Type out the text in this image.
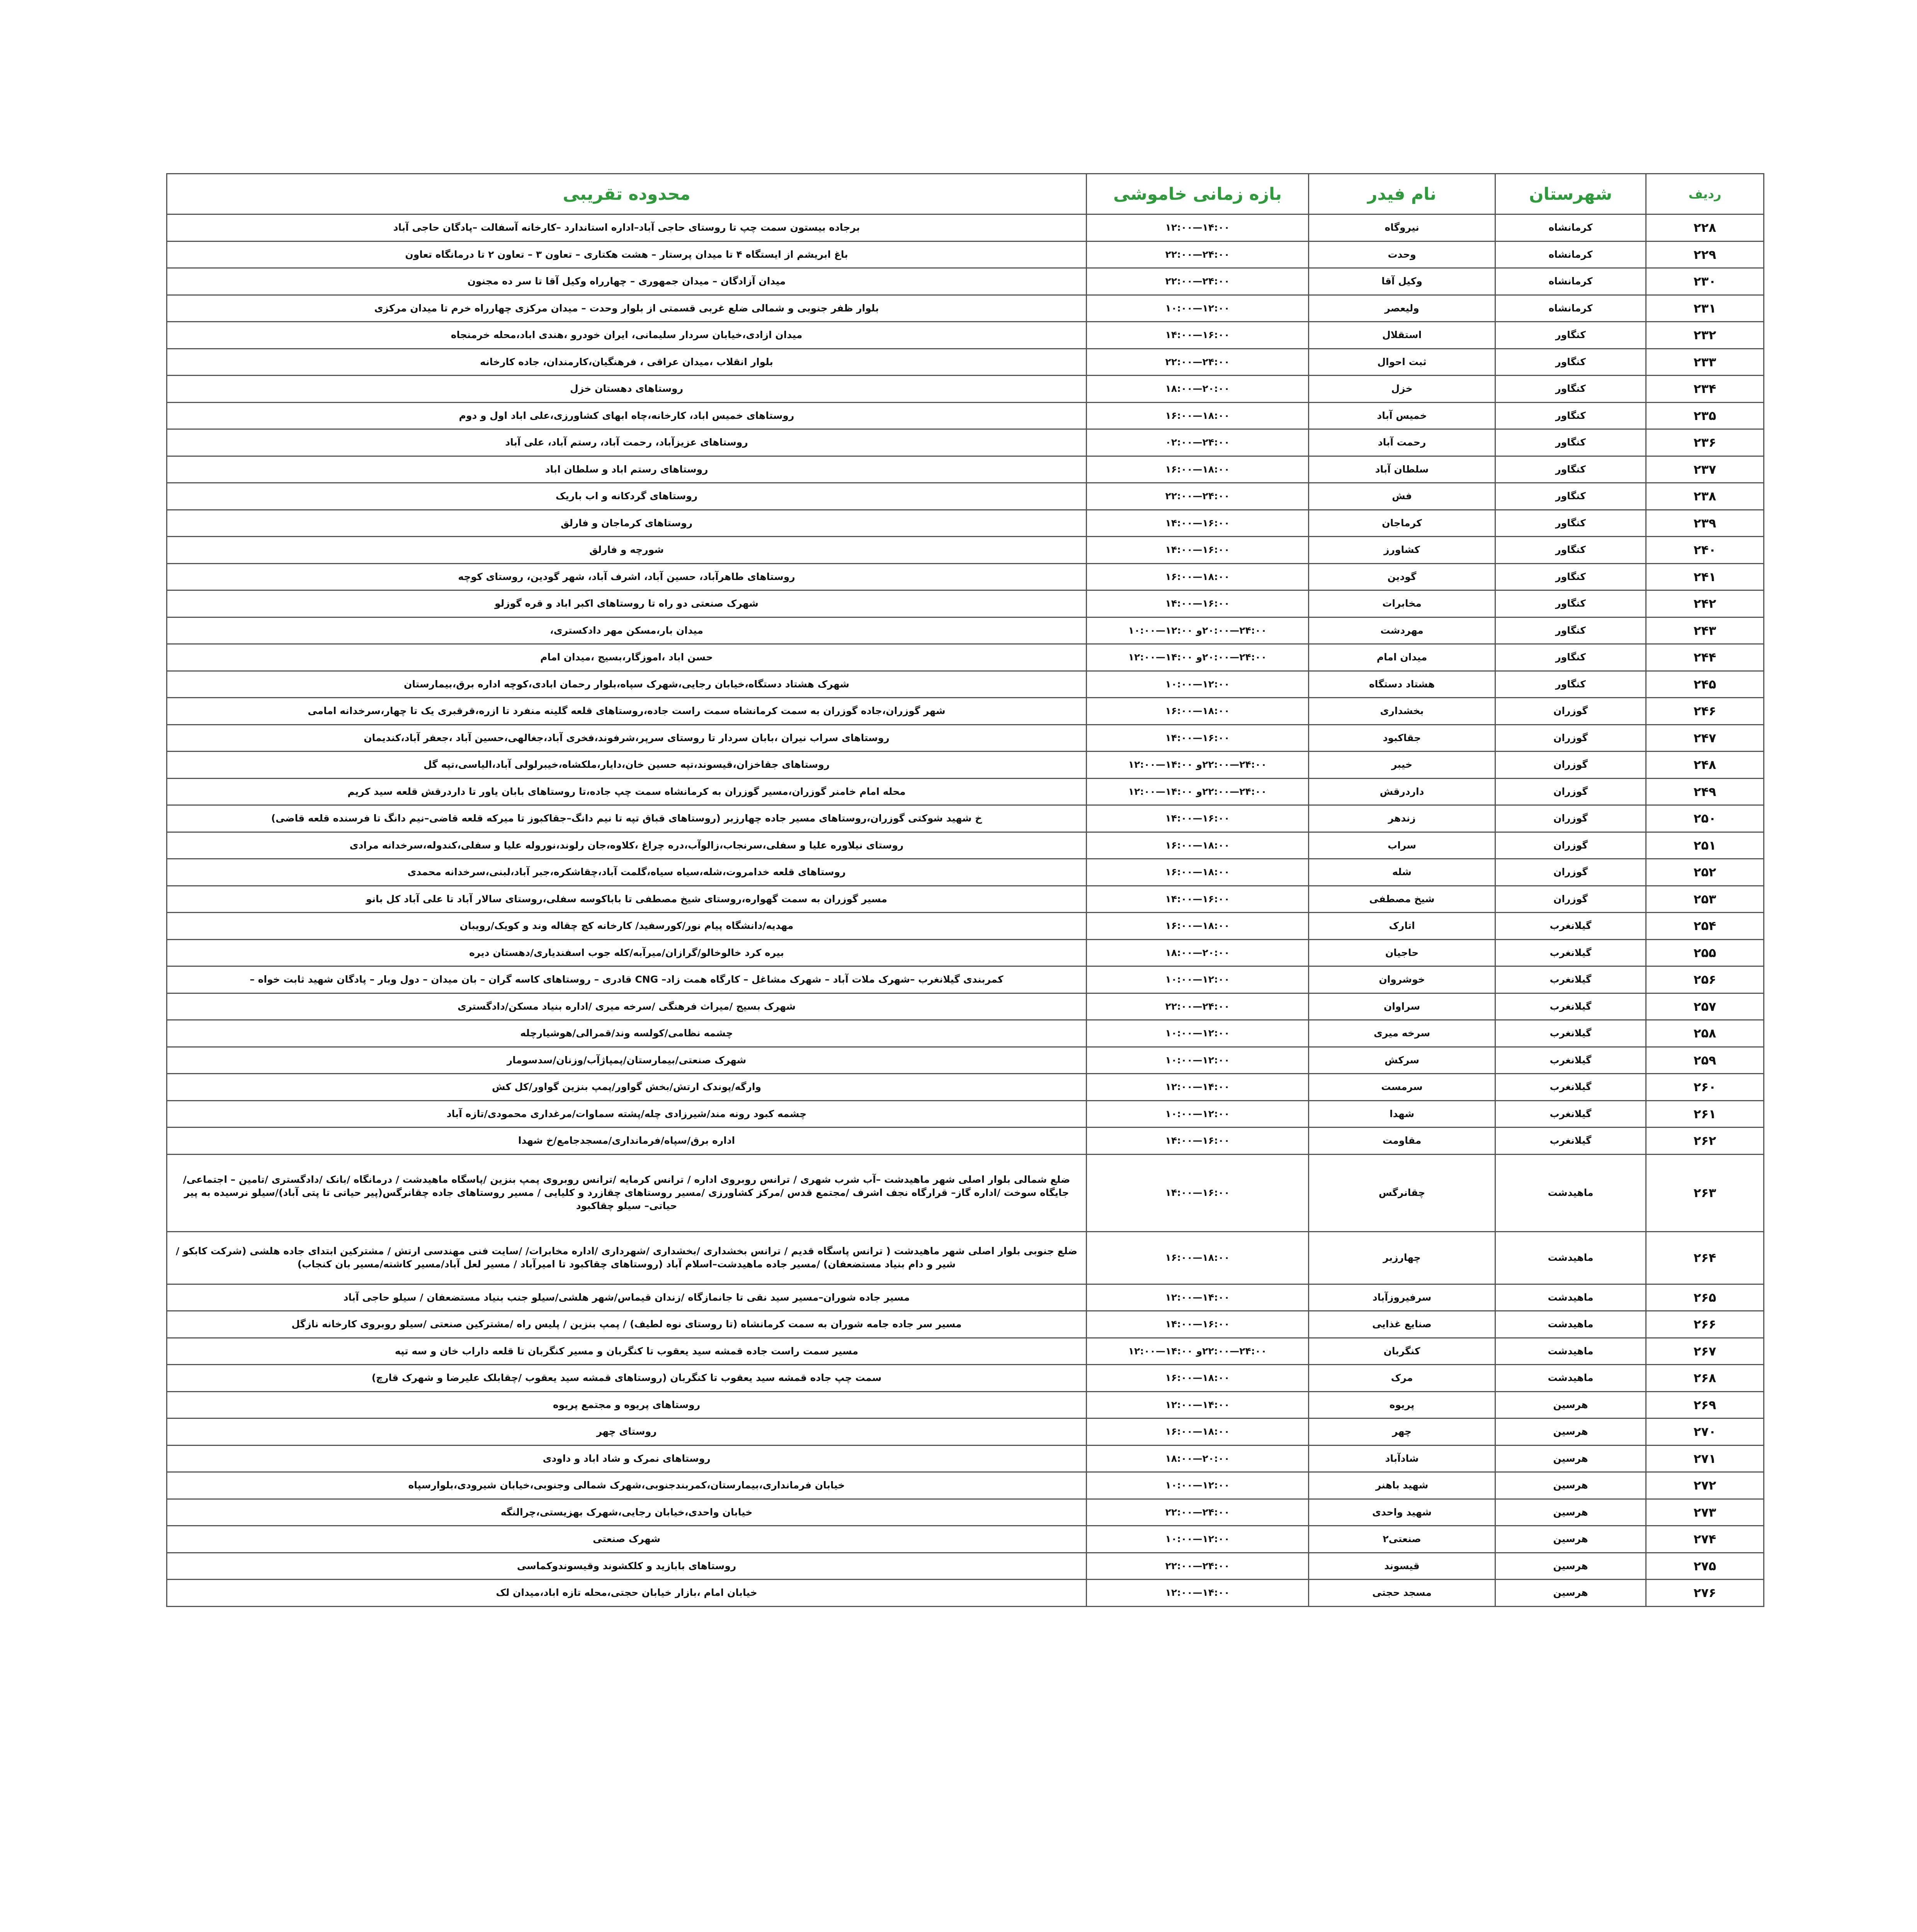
ردیف	شهرستان	نام فیدر	بازه زمانی خاموشی	محدوده تقریبی
۲۲۸	کرمانشاه	نیروگاه	۱۴:۰۰—۱۲:۰۰	برجاده بیستون سمت چپ تا روستای حاجی آباد–اداره استاندارد –کارخانه آسفالت –پادگان حاجی آباد
۲۲۹	کرمانشاه	وحدت	۲۴:۰۰—۲۲:۰۰	باغ ابریشم از ایستگاه ۴ تا میدان پرستار – هشت هکتاری – تعاون ۳ – تعاون ۲ تا درمانگاه تعاون
۲۳۰	کرمانشاه	وکیل آقا	۲۴:۰۰—۲۲:۰۰	میدان آزادگان – میدان جمهوری – چهارراه وکیل آقا تا سر ده مجنون
۲۳۱	کرمانشاه	ولیعصر	۱۲:۰۰—۱۰:۰۰	بلوار ظفر جنوبی و شمالی ضلع غربی قسمتی از بلوار وحدت – میدان مرکزی چهارراه خرم تا میدان مرکزی
۲۳۲	کنگاور	استقلال	۱۶:۰۰—۱۴:۰۰	میدان ازادی،خیابان سردار سلیمانی، ایران خودرو ،هندی اباد،محله خرمنجاه
۲۳۳	کنگاور	ثبت احوال	۲۴:۰۰—۲۲:۰۰	بلوار انقلاب ،میدان عراقی ، فرهنگیان،کارمندان، جاده کارخانه
۲۳۴	کنگاور	خزل	۲۰:۰۰—۱۸:۰۰	روستاهای دهستان خزل
۲۳۵	کنگاور	خمیس آباد	۱۸:۰۰—۱۶:۰۰	روستاهای خمیس اباد، کارخانه،چاه ابهای کشاورزی،علی اباد اول و دوم
۲۳۶	کنگاور	رحمت آباد	۲۴:۰۰—۰۲:۰۰	روستاهای عزیزآباد، رحمت آباد، رستم آباد، علی آباد
۲۳۷	کنگاور	سلطان آباد	۱۸:۰۰—۱۶:۰۰	روستاهای رستم اباد و سلطان اباد
۲۳۸	کنگاور	فش	۲۴:۰۰—۲۲:۰۰	روستاهای گردکانه و اب باریک
۲۳۹	کنگاور	کرماجان	۱۶:۰۰—۱۴:۰۰	روستاهای کرماجان و فارلق
۲۴۰	کنگاور	کشاورز	۱۶:۰۰—۱۴:۰۰	شورچه و فارلق
۲۴۱	کنگاور	گودین	۱۸:۰۰—۱۶:۰۰	روستاهای طاهرآباد، حسین آباد، اشرف آباد، شهر گودین، روستای کوچه
۲۴۲	کنگاور	مخابرات	۱۶:۰۰—۱۴:۰۰	شهرک صنعتی دو راه تا روستاهای اکبر اباد و قره گوزلو
۲۴۳	کنگاور	مهردشت	۲۴:۰۰—۲۰:۰۰و ۱۲:۰۰—۱۰:۰۰	میدان بار،مسکن مهر دادکستری،
۲۴۴	کنگاور	میدان امام	۲۴:۰۰—۲۰:۰۰و ۱۴:۰۰—۱۲:۰۰	حسن اباد ،اموزگار،بسیج ،میدان امام
۲۴۵	کنگاور	هشتاد دستگاه	۱۲:۰۰—۱۰:۰۰	شهرک هشتاد دستگاه،خیابان رجایی،شهرک سپاه،بلوار رحمان ابادی،کوچه اداره برق،بیمارستان
۲۴۶	گوزران	بخشداری	۱۸:۰۰—۱۶:۰۰	شهر گوزران،جاده گوزران به سمت کرمانشاه سمت راست جاده،روستاهای قلعه گلینه منفرد تا ازره،قرقبری یک تا چهار،سرخدانه امامی
۲۴۷	گوزران	جقاکبود	۱۶:۰۰—۱۴:۰۰	روستاهای سراب نیران ،بابان سردار تا روستای سرپر،شرفوند،فخری آباد،جغالهی،حسین آباد ،جعفر آباد،کندیمان
۲۴۸	گوزران	خیبر	۲۴:۰۰—۲۲:۰۰و ۱۴:۰۰—۱۲:۰۰	روستاهای جقاخزان،قیسوند،تپه حسین خان،دایار،ملکشاه،خیبرلولی آباد،الیاسی،تپه گل
۲۴۹	گوزران	داردرقش	۲۴:۰۰—۲۲:۰۰و ۱۴:۰۰—۱۲:۰۰	محله امام خامنر گوزران،مسیر گوزران به کرمانشاه سمت چپ جاده،تا روستاهای بابان یاور تا داردرقش قلعه سید کریم
۲۵۰	گوزران	زندهر	۱۶:۰۰—۱۴:۰۰	خ شهید شوکتی گوزران،روستاهای مسیر جاده چهارزبر (روستاهای قباق تپه تا نیم دانگ–جقاکبوز تا میرکه قلعه قاضی–نیم دانگ تا فرسنده قلعه قاضی)
۲۵۱	گوزران	سراب	۱۸:۰۰—۱۶:۰۰	روستای نیلاوره علیا و سفلی،سرنجاب،زالوآب،دره چراغ ،کلاوه،جان رلوند،نوروله علیا و سفلی،کندوله،سرخدانه مرادی
۲۵۲	گوزران	شله	۱۸:۰۰—۱۶:۰۰	روستاهای قلعه خدامروت،شله،سیاه سیاه،گلمت آباد،چقاشکره،جبر آباد،لبنی،سرخدانه محمدی
۲۵۳	گوزران	شیخ مصطفی	۱۶:۰۰—۱۴:۰۰	مسیر گوزران به سمت گهواره،روستای شیخ مصطفی تا باباکوسه سفلی،روستای سالار آباد تا علی آباد کل بانو
۲۵۴	گیلانغرب	اتارک	۱۸:۰۰—۱۶:۰۰	مهدیه/دانشگاه پیام نور/کورسفید/ کارخانه کچ چقاله وند و کویک/رویبان
۲۵۵	گیلانغرب	حاجیان	۲۰:۰۰—۱۸:۰۰	بیره کرد خالوخالو/گرازان/میرآبه/کله جوب اسفندیاری/دهستان دیره
۲۵۶	گیلانغرب	خوشروان	۱۲:۰۰—۱۰:۰۰	کمربندی گیلانغرب –شهرک ملات آباد – شهرک مشاغل – کارگاه همت زاد– CNG قادری – روستاهای کاسه گران – بان میدان – دول وبار – پادگان شهید ثابت خواه –
۲۵۷	گیلانغرب	سراوان	۲۴:۰۰—۲۲:۰۰	شهرک بسیج /میراث فرهنگی /سرخه میری /اداره بنیاد مسکن/دادگستری
۲۵۸	گیلانغرب	سرخه میری	۱۲:۰۰—۱۰:۰۰	چشمه نظامی/کولسه وند/قمرالی/هوشیارچله
۲۵۹	گیلانغرب	سرکش	۱۲:۰۰—۱۰:۰۰	شهرک صنعتی/بیمارستان/پمپاژآب/وزنان/سدسومار
۲۶۰	گیلانغرب	سرمست	۱۴:۰۰—۱۲:۰۰	وارگه/پوندک ارتش/بخش گواور/پمپ بنزین گواور/کل کش
۲۶۱	گیلانغرب	شهدا	۱۲:۰۰—۱۰:۰۰	چشمه کبود رونه مند/شیرزادی چله/پشته سماوات/مرغداری محمودی/تازه آباد
۲۶۲	گیلانغرب	مقاومت	۱۶:۰۰—۱۴:۰۰	اداره برق/سپاه/فرمانداری/مسجدجامع/خ شهدا
۲۶۳	ماهیدشت	چقانرگس	۱۶:۰۰—۱۴:۰۰	ضلع شمالی بلوار اصلی شهر ماهیدشت –آب شرب شهری / ترانس روبروی اداره / ترانس کرمایه /ترانس روبروی پمپ بنزین /پاسگاه ماهیدشت / درمانگاه /بانک /دادگستری /تامین – اجتماعی/جایگاه سوخت /اداره گاز– قرارگاه نجف اشرف /مجتمع قدس /مرکز کشاورزی /مسیر روستاهای چقازرد و کلیایی / مسیر روستاهای جاده چقانرگس(پیر حیاتی تا پتی آباد)/سیلو نرسیده به پیر حیاتی– سیلو چقاکبود
۲۶۴	ماهیدشت	چهارزبر	۱۸:۰۰—۱۶:۰۰	ضلع جنوبی بلوار اصلی شهر ماهیدشت ( ترانس پاسگاه قدیم / ترانس بخشداری /بخشداری /شهرداری /اداره مخابرات/ /سایت فنی مهندسی ارتش / مشترکین ابتدای جاده هلشی (شرکت کابکو / شیر و دام بنیاد مستضعفان) /مسیر جاده ماهیدشت–اسلام آباد (روستاهای چقاکبود تا امیرآباد / مسیر لعل آباد/مسیر کاشته/مسیر بان کنجاب)
۲۶۵	ماهیدشت	سرفیروزآباد	۱۴:۰۰—۱۲:۰۰	مسیر جاده شوران–مسیر سید نقی تا جانمازگاه /زندان قیماس/شهر هلشی/سیلو جنب بنیاد مستضعفان / سیلو حاجی آباد
۲۶۶	ماهیدشت	صنایع غذایی	۱۶:۰۰—۱۴:۰۰	مسیر سر جاده جامه شوران به سمت کرمانشاه (تا روستای نوه لطیف) / پمپ بنزین / پلیس راه /مشترکین صنعتی /سیلو روبروی کارخانه نازگل
۲۶۷	ماهیدشت	کنگربان	۲۴:۰۰—۲۲:۰۰و ۱۴:۰۰—۱۲:۰۰	مسیر سمت راست جاده قمشه سید یعقوب تا کنگربان و مسیر کنگربان تا قلعه داراب خان و سه تپه
۲۶۸	ماهیدشت	مرک	۱۸:۰۰—۱۶:۰۰	سمت چپ جاده قمشه سید یعقوب تا کنگربان (روستاهای قمشه سید یعقوب /چقابلک علیرضا و شهرک قارچ)
۲۶۹	هرسین	پریوه	۱۴:۰۰—۱۲:۰۰	روستاهای پریوه و مجتمع پریوه
۲۷۰	هرسین	چهر	۱۸:۰۰—۱۶:۰۰	روستای چهر
۲۷۱	هرسین	شادآباد	۲۰:۰۰—۱۸:۰۰	روستاهای نمرک و شاد اباد و داودی
۲۷۲	هرسین	شهید باهنر	۱۲:۰۰—۱۰:۰۰	خیابان فرمانداری،بیمارستان،کمربندجنوبی،شهرک شمالی وجنوبی،خیابان شیرودی،بلوارسپاه
۲۷۳	هرسین	شهید واحدی	۲۴:۰۰—۲۲:۰۰	خیابان واحدی،خیابان رجایی،شهرک بهزیستی،چرالنگه
۲۷۴	هرسین	صنعتی۲	۱۲:۰۰—۱۰:۰۰	شهرک صنعتی
۲۷۵	هرسین	قیسوند	۲۴:۰۰—۲۲:۰۰	روستاهای بابازید و کلکشوند وقیسوندوکماسی
۲۷۶	هرسین	مسجد حجتی	۱۴:۰۰—۱۲:۰۰	خیابان امام ،بازار خیابان حجتی،محله تازه اباد،میدان لک
